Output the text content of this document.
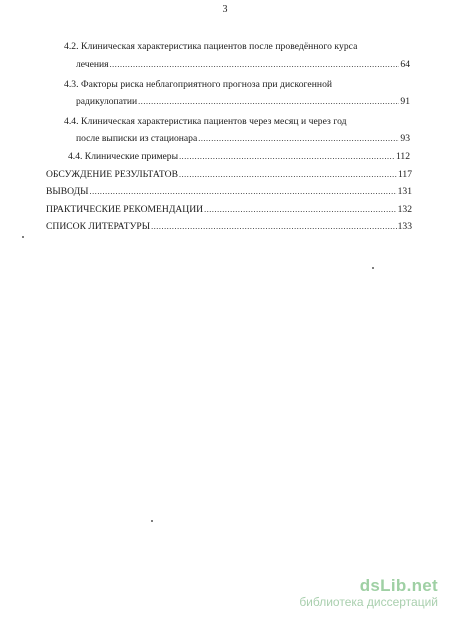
3
4.2. Клиническая характеристика пациентов после проведённого курса
лечения .....	64
4.3. Факторы риска неблагоприятного прогноза при дискогенной
радикулопатии .....	91
4.4. Клиническая характеристика пациентов через месяц и через год
после выписки из стационара .....	93
4.4. Клинические примеры .....	112
ОБСУЖДЕНИЕ РЕЗУЛЬТАТОВ .....	117
ВЫВОДЫ .....	131
ПРАКТИЧЕСКИЕ РЕКОМЕНДАЦИИ .....	132
СПИСОК ЛИТЕРАТУРЫ .....	133
dsLib.net
библиотека диссертаций
